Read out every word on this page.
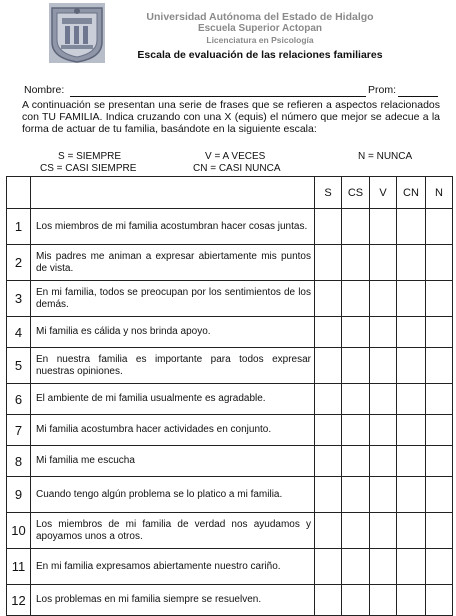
Universidad Autónoma del Estado de Hidalgo
Escuela Superior Actopan
Licenciatura en Psicología
Escala de evaluación de las relaciones familiares
Nombre:	Prom:
A continuación se presentan una serie de frases que se refieren a aspectos relacionados con TU FAMILIA. Indica cruzando con una X (equis) el número que mejor se adecue a la forma de actuar de tu familia, basándote en la siguiente escala:
S = SIEMPRE	V = A VECES	N = NUNCA
CS = CASI SIEMPRE	CN = CASI NUNCA
		S	CS	V	CN	N
1	Los miembros de mi familia acostumbran hacer cosas juntas.					
2	Mis padres me animan a expresar abiertamente mis puntos de vista.					
3	En mi familia, todos se preocupan por los sentimientos de los demás.					
4	Mi familia es cálida y nos brinda apoyo.					
5	En nuestra familia es importante para todos expresar nuestras opiniones.					
6	El ambiente de mi familia usualmente es agradable.					
7	Mi familia acostumbra hacer actividades en conjunto.					
8	Mi familia me escucha					
9	Cuando tengo algún problema se lo platico a mi familia.					
10	Los miembros de mi familia de verdad nos ayudamos y apoyamos unos a otros.					
11	En mi familia expresamos abiertamente nuestro cariño.					
12	Los problemas en mi familia siempre se resuelven.					
